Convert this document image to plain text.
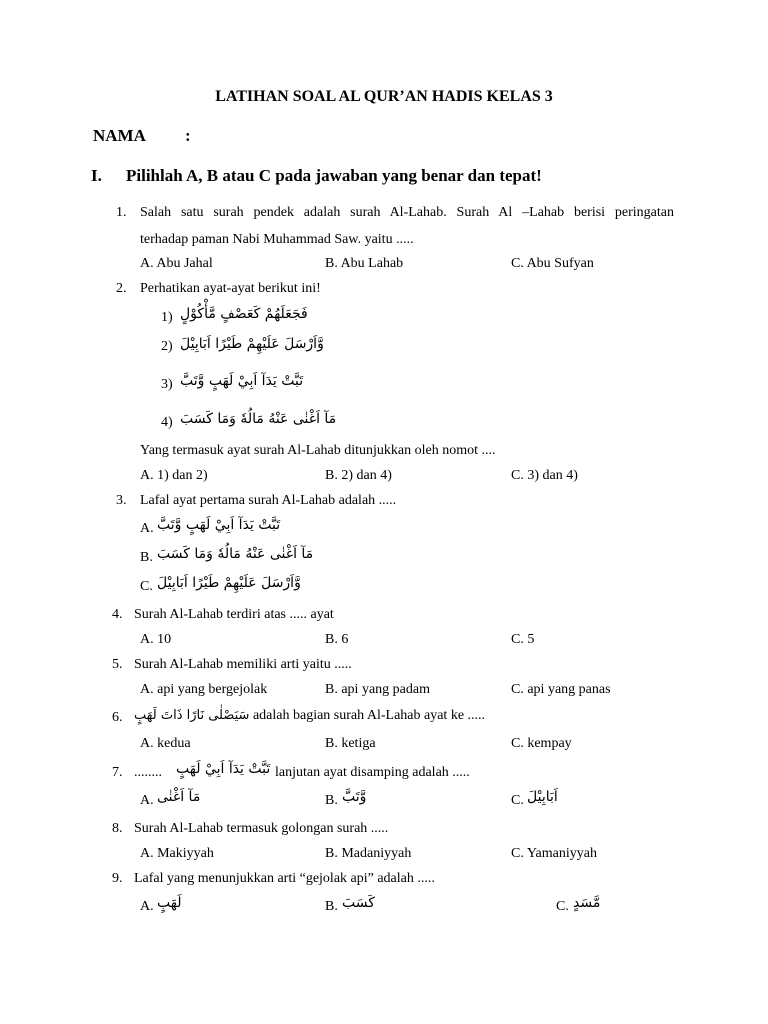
LATIHAN SOAL AL QUR’AN HADIS KELAS 3
NAMA :
I. Pilihlah A, B atau C pada jawaban yang benar dan tepat!
1. Salah satu surah pendek adalah surah Al-Lahab. Surah Al –Lahab berisi peringatan
terhadap paman Nabi Muhammad Saw. yaitu .....
A. Abu Jahal	B. Abu Lahab	C. Abu Sufyan
2. Perhatikan ayat-ayat berikut ini!
1) فَجَعَلَهُمْ كَعَصْفٍ مَّأْكُوْلٍ
2) وَّاَرْسَلَ عَلَيْهِمْ طَيْرًا اَبَابِيْلَ
3) تَبَّتْ يَدَآ اَبِيْ لَهَبٍ وَّتَبَّ
4) مَآ اَغْنٰى عَنْهُ مَالُهٗ وَمَا كَسَبَ
Yang termasuk ayat surah Al-Lahab ditunjukkan oleh nomot ....
A. 1) dan 2)	B. 2) dan 4)	C. 3) dan 4)
3. Lafal ayat pertama surah Al-Lahab adalah .....
A. تَبَّتْ يَدَآ اَبِيْ لَهَبٍ وَّتَبَّ
B. مَآ اَغْنٰى عَنْهُ مَالُهٗ وَمَا كَسَبَ
C. وَّاَرْسَلَ عَلَيْهِمْ طَيْرًا اَبَابِيْلَ
4. Surah Al-Lahab terdiri atas ..... ayat
A. 10	B. 6	C. 5
5. Surah Al-Lahab memiliki arti yaitu .....
A. api yang bergejolak	B. api yang padam	C. api yang panas
6. سَيَصْلٰى نَارًا ذَاتَ لَهَبٍ adalah bagian surah Al-Lahab ayat ke .....
A. kedua	B. ketiga	C. kempay
7. ........ تَبَّتْ يَدَآ اَبِيْ لَهَبٍ lanjutan ayat disamping adalah .....
A. مَآ اَغْنٰى	B. وَّتَبَّ	C. اَبَابِيْلَ
8. Surah Al-Lahab termasuk golongan surah .....
A. Makiyyah	B. Madaniyyah	C. Yamaniyyah
9. Lafal yang menunjukkan arti “gejolak api” adalah .....
A. لَهَبٍ	B. كَسَبَ	C. مَّسَدٍ
